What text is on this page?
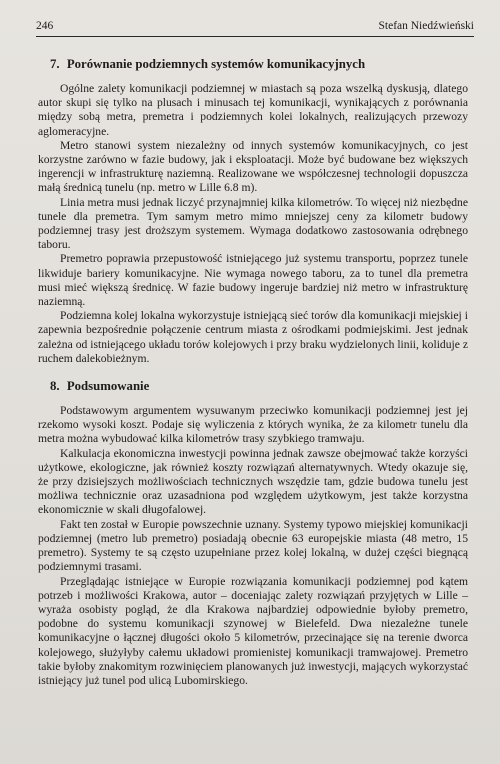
246	Stefan Niedźwieński
7. Porównanie podziemnych systemów komunikacyjnych

Ogólne zalety komunikacji podziemnej w miastach są poza wszelką dyskusją, dlatego autor skupi się tylko na plusach i minusach tej komunikacji, wynikających z porównania między sobą metra, premetra i podziemnych kolei lokalnych, realizujących przewozy aglomeracyjne.

Metro stanowi system niezależny od innych systemów komunikacyjnych, co jest korzystne zarówno w fazie budowy, jak i eksploatacji. Może być budowane bez większych ingerencji w infrastrukturę naziemną. Realizowane we współczesnej technologii dopuszcza małą średnicą tunelu (np. metro w Lille 6.8 m).

Linia metra musi jednak liczyć przynajmniej kilka kilometrów. To więcej niż niezbędne tunele dla premetra. Tym samym metro mimo mniejszej ceny za kilometr budowy podziemnej trasy jest droższym systemem. Wymaga dodatkowo zastosowania odrębnego taboru.

Premetro poprawia przepustowość istniejącego już systemu transportu, poprzez tunele likwiduje bariery komunikacyjne. Nie wymaga nowego taboru, za to tunel dla premetra musi mieć większą średnicę. W fazie budowy ingeruje bardziej niż metro w infrastrukturę naziemną.

Podziemna kolej lokalna wykorzystuje istniejącą sieć torów dla komunikacji miejskiej i zapewnia bezpośrednie połączenie centrum miasta z ośrodkami podmiejskimi. Jest jednak zależna od istniejącego układu torów kolejowych i przy braku wydzielonych linii, koliduje z ruchem dalekobieżnym.

8. Podsumowanie

Podstawowym argumentem wysuwanym przeciwko komunikacji podziemnej jest jej rzekomo wysoki koszt. Podaje się wyliczenia z których wynika, że za kilometr tunelu dla metra można wybudować kilka kilometrów trasy szybkiego tramwaju.

Kalkulacja ekonomiczna inwestycji powinna jednak zawsze obejmować także korzyści użytkowe, ekologiczne, jak również koszty rozwiązań alternatywnych. Wtedy okazuje się, że przy dzisiejszych możliwościach technicznych wszędzie tam, gdzie budowa tunelu jest możliwa technicznie oraz uzasadniona pod względem użytkowym, jest także korzystna ekonomicznie w skali długofalowej.

Fakt ten został w Europie powszechnie uznany. Systemy typowo miejskiej komunikacji podziemnej (metro lub premetro) posiadają obecnie 63 europejskie miasta (48 metro, 15 premetro). Systemy te są często uzupełniane przez kolej lokalną, w dużej części biegnącą podziemnymi trasami.

Przeglądając istniejące w Europie rozwiązania komunikacji podziemnej pod kątem potrzeb i możliwości Krakowa, autor – doceniając zalety rozwiązań przyjętych w Lille – wyraża osobisty pogląd, że dla Krakowa najbardziej odpowiednie byłoby premetro, podobne do systemu komunikacji szynowej w Bielefeld. Dwa niezależne tunele komunikacyjne o łącznej długości około 5 kilometrów, przecinające się na terenie dworca kolejowego, służyłyby całemu układowi promienistej komunikacji tramwajowej. Premetro takie byłoby znakomitym rozwinięciem planowanych już inwestycji, mających wykorzystać istniejący już tunel pod ulicą Lubomirskiego.
